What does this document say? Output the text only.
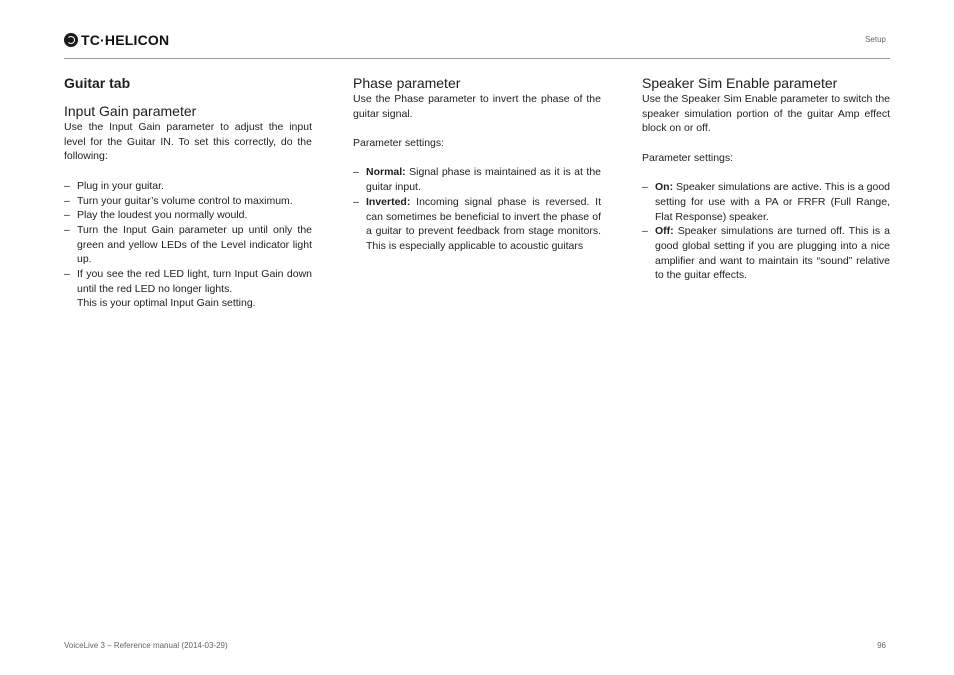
TC·HELICON	Setup
Guitar tab
Input Gain parameter

Use the Input Gain parameter to adjust the input level for the Guitar IN. To set this correctly, do the following:

– Plug in your guitar.
– Turn your guitar’s volume control to maximum.
– Play the loudest you normally would.
– Turn the Input Gain parameter up until only the green and yellow LEDs of the Level indicator light up.
– If you see the red LED light, turn Input Gain down until the red LED no longer lights.
This is your optimal Input Gain setting.
Phase parameter

Use the Phase parameter to invert the phase of the guitar signal.

Parameter settings:

– Normal: Signal phase is maintained as it is at the guitar input.
– Inverted: Incoming signal phase is reversed. It can sometimes be beneficial to invert the phase of a guitar to prevent feedback from stage monitors. This is especially applicable to acoustic guitars
Speaker Sim Enable parameter

Use the Speaker Sim Enable parameter to switch the speaker simulation portion of the guitar Amp effect block on or off.

Parameter settings:

– On: Speaker simulations are active. This is a good setting for use with a PA or FRFR (Full Range, Flat Response) speaker.
– Off: Speaker simulations are turned off. This is a good global setting if you are plugging into a nice amplifier and want to maintain its “sound” relative to the guitar effects.
VoiceLive 3 – Reference manual (2014-03-29)	96
